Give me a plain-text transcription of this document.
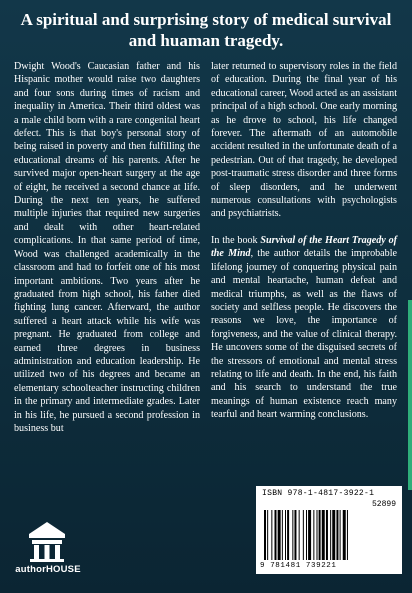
A spiritual and surprising story of medical survival and huaman tragedy.

Dwight Wood's Caucasian father and his Hispanic mother would raise two daughters and four sons during times of racism and inequality in America. Their third oldest was a male child born with a rare congenital heart defect. This is that boy's personal story of being raised in poverty and then fulfilling the educational dreams of his parents. After he survived major open-heart surgery at the age of eight, he received a second chance at life. During the next ten years, he suffered multiple injuries that required new surgeries and dealt with other heart-related complications. In that same period of time, Wood was challenged academically in the classroom and had to forfeit one of his most important ambitions. Two years after he graduated from high school, his father died fighting lung cancer. Afterward, the author suffered a heart attack while his wife was pregnant. He graduated from college and earned three degrees in business administration and education leadership. He utilized two of his degrees and became an elementary schoolteacher instructing children in the primary and intermediate grades. Later in his life, he pursued a second profession in business but

later returned to supervisory roles in the field of education. During the final year of his educational career, Wood acted as an assistant principal of a high school. One early morning as he drove to school, his life changed forever. The aftermath of an automobile accident resulted in the unfortunate death of a pedestrian. Out of that tragedy, he developed post-traumatic stress disorder and three forms of sleep disorders, and he underwent numerous consultations with psychologists and psychiatrists.

In the book Survival of the Heart Tragedy of the Mind, the author details the improbable lifelong journey of conquering physical pain and mental heartache, human defeat and medical triumphs, as well as the flaws of society and selfless people. He discovers the reasons we love, the importance of forgiveness, and the value of clinical therapy. He uncovers some of the disguised secrets of the stressors of emotional and mental stress relating to life and death. In the end, his faith and his search to understand the true meanings of human existence reach many tearful and heart warming conclusions.

authorHOUSE
ISBN 978-1-4817-3922-1
52899
9 781481 739221
